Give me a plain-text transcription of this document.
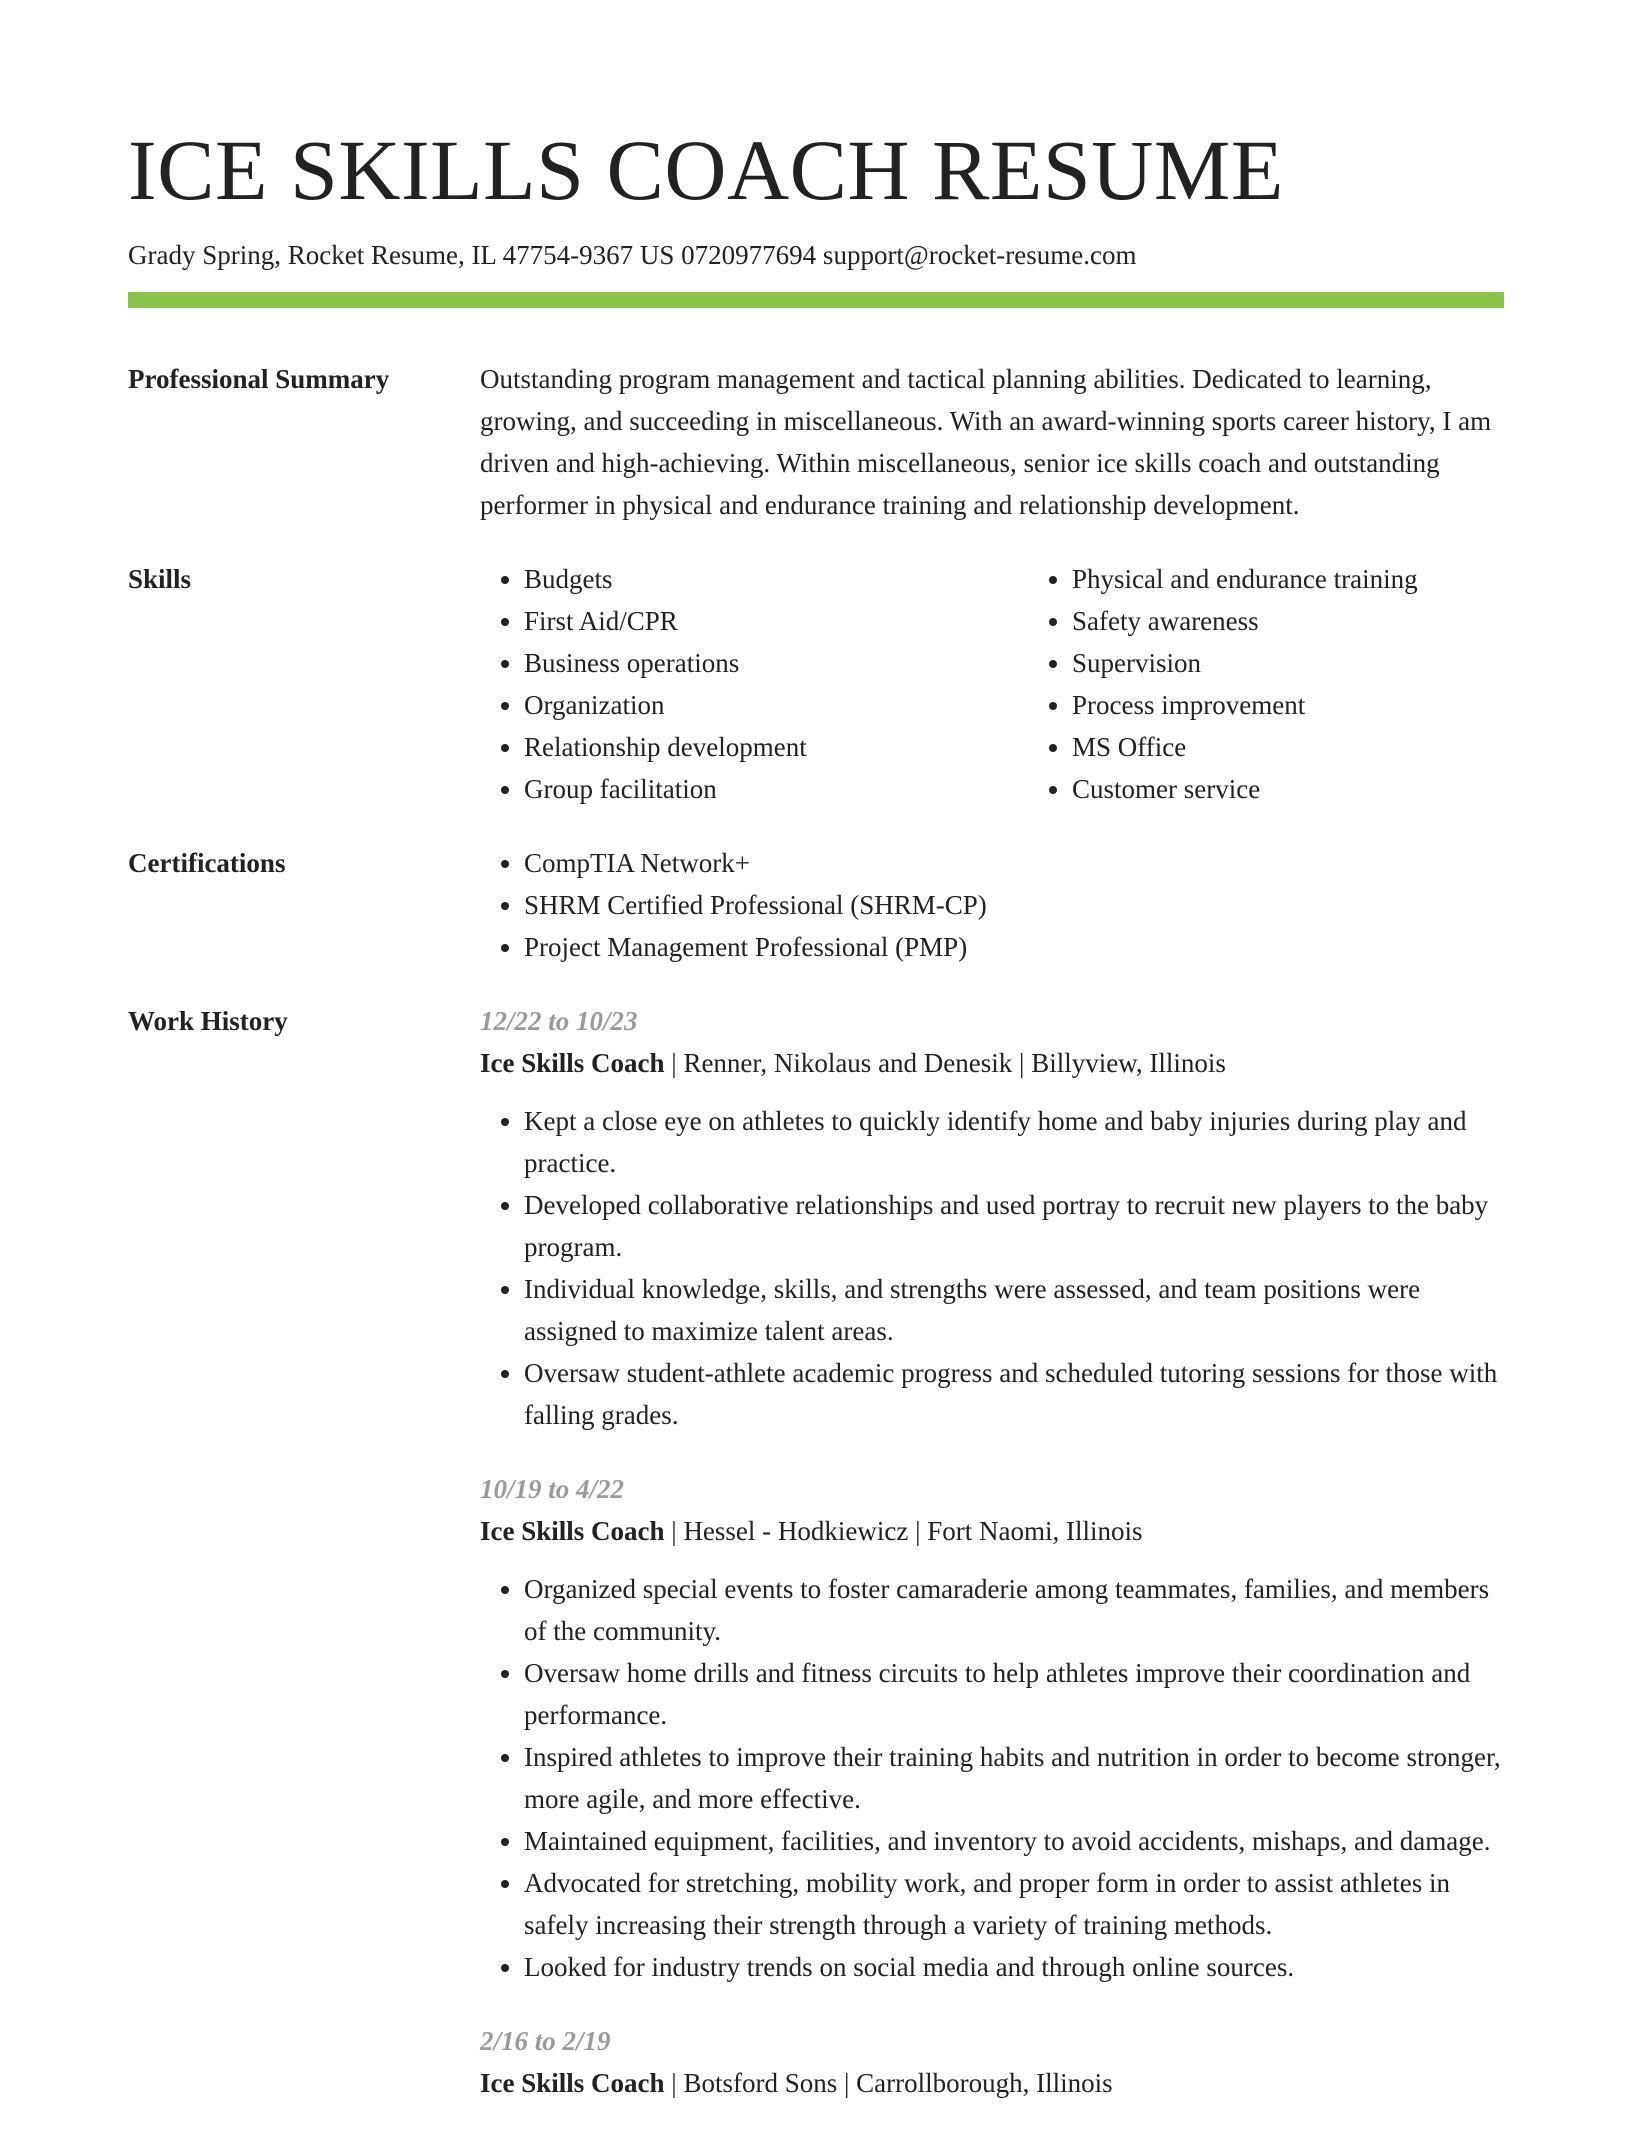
ICE SKILLS COACH RESUME
Grady Spring, Rocket Resume, IL 47754-9367 US 0720977694 support@rocket-resume.com
Professional Summary	Outstanding program management and tactical planning abilities. Dedicated to learning, growing, and succeeding in miscellaneous. With an award-winning sports career history, I am driven and high-achieving. Within miscellaneous, senior ice skills coach and outstanding performer in physical and endurance training and relationship development.

Skills	• Budgets
• First Aid/CPR
• Business operations
• Organization
• Relationship development
• Group facilitation
• Physical and endurance training
• Safety awareness
• Supervision
• Process improvement
• MS Office
• Customer service
Certifications	• CompTIA Network+
• SHRM Certified Professional (SHRM-CP)
• Project Management Professional (PMP)
Work History	12/22 to 10/23
Ice Skills Coach | Renner, Nikolaus and Denesik | Billyview, Illinois
• Kept a close eye on athletes to quickly identify home and baby injuries during play and practice.
• Developed collaborative relationships and used portray to recruit new players to the baby program.
• Individual knowledge, skills, and strengths were assessed, and team positions were assigned to maximize talent areas.
• Oversaw student-athlete academic progress and scheduled tutoring sessions for those with falling grades.
10/19 to 4/22
Ice Skills Coach | Hessel - Hodkiewicz | Fort Naomi, Illinois
• Organized special events to foster camaraderie among teammates, families, and members of the community.
• Oversaw home drills and fitness circuits to help athletes improve their coordination and performance.
• Inspired athletes to improve their training habits and nutrition in order to become stronger, more agile, and more effective.
• Maintained equipment, facilities, and inventory to avoid accidents, mishaps, and damage.
• Advocated for stretching, mobility work, and proper form in order to assist athletes in safely increasing their strength through a variety of training methods.
• Looked for industry trends on social media and through online sources.
2/16 to 2/19
Ice Skills Coach | Botsford Sons | Carrollborough, Illinois
